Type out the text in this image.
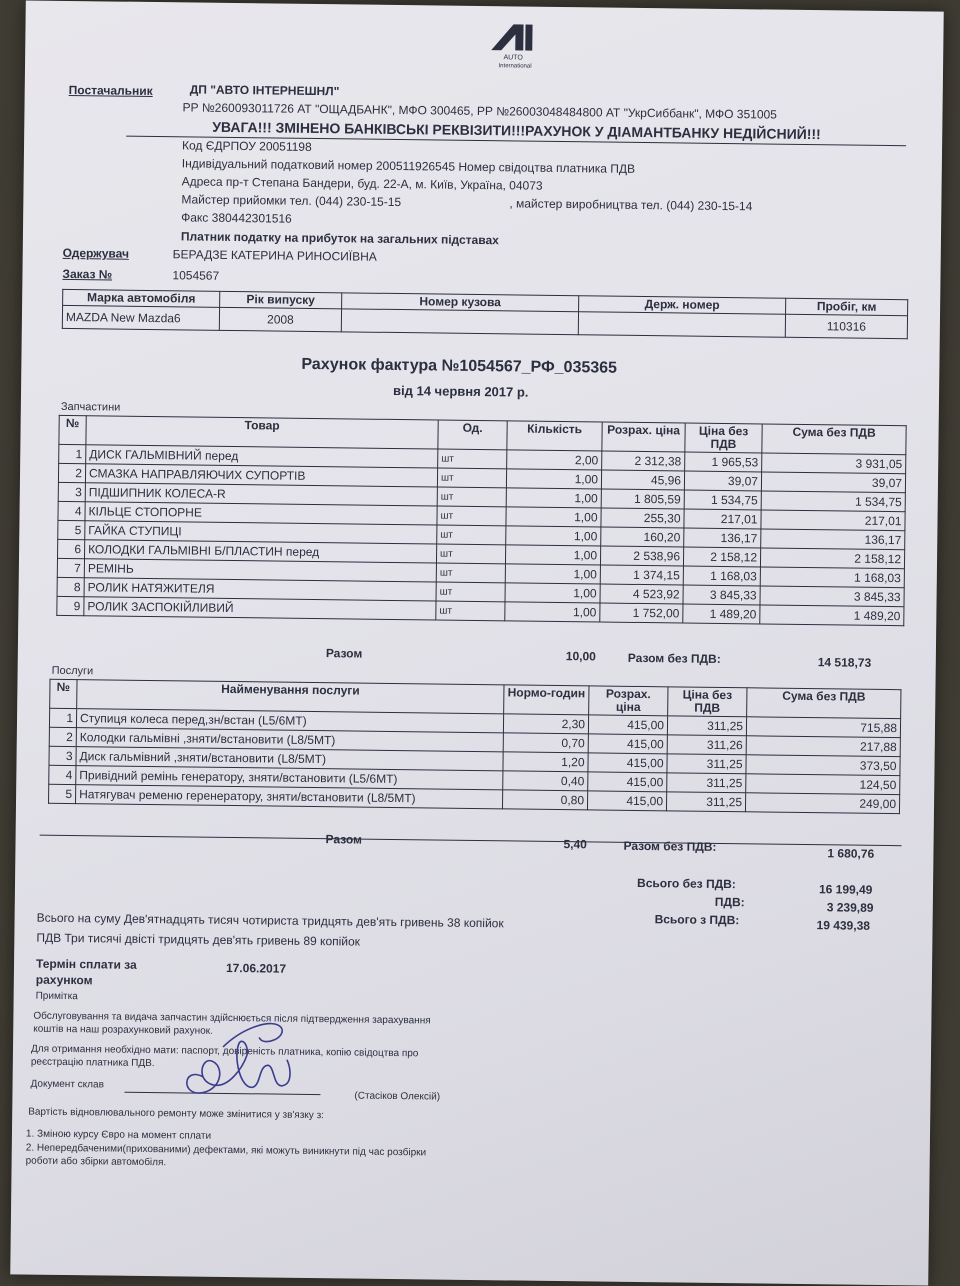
AUTO
International
Постачальник	ДП "АВТО ІНТЕРНЕШНЛ"
РР №260093011726 АТ "ОЩАДБАНК", МФО 300465, РР №26003048484800 АТ "УкрСиббанк", МФО 351005
УВАГА!!! ЗМІНЕНО БАНКІВСЬКІ РЕКВІЗИТИ!!!РАХУНОК У ДІАМАНТБАНКУ НЕДІЙСНИЙ!!!
Код ЄДРПОУ 20051198
Індивідуальний податковий номер 200511926545 Номер свідоцтва платника ПДВ
Адреса пр-т Степана Бандери, буд. 22-А, м. Київ, Україна, 04073
Майстер прийомки тел. (044) 230-15-15	, майстер виробництва тел. (044) 230-15-14
Факс 380442301516
Платник податку на прибуток на загальних підставах
Одержувач	БЕРАДЗЕ КАТЕРИНА РИНОСИЇВНА
Заказ №	1054567
Марка автомобіля	Рік випуску	Номер кузова	Держ. номер	Пробіг, км
MAZDA New Mazda6	2008			110316
Рахунок фактура №1054567_РФ_035365
від 14 червня 2017 р.
Запчастини
№	Товар	Од.	Кількість	Розрах. ціна	Ціна без ПДВ	Сума без ПДВ
1	ДИСК ГАЛЬМІВНИЙ перед	шт	2,00	2 312,38	1 965,53	3 931,05
2	СМАЗКА НАПРАВЛЯЮЧИХ СУПОРТІВ	шт	1,00	45,96	39,07	39,07
3	ПІДШИПНИК КОЛЕСА-R	шт	1,00	1 805,59	1 534,75	1 534,75
4	КІЛЬЦЕ СТОПОРНЕ	шт	1,00	255,30	217,01	217,01
5	ГАЙКА СТУПИЦІ	шт	1,00	160,20	136,17	136,17
6	КОЛОДКИ ГАЛЬМІВНІ Б/ПЛАСТИН перед	шт	1,00	2 538,96	2 158,12	2 158,12
7	РЕМІНЬ	шт	1,00	1 374,15	1 168,03	1 168,03
8	РОЛИК НАТЯЖИТЕЛЯ	шт	1,00	4 523,92	3 845,33	3 845,33
9	РОЛИК ЗАСПОКІЙЛИВИЙ	шт	1,00	1 752,00	1 489,20	1 489,20
Разом	10,00	Разом без ПДВ:	14 518,73
Послуги
№	Найменування послуги	Нормо-годин	Розрах. ціна	Ціна без ПДВ	Сума без ПДВ
1	Ступиця колеса перед,зн/встан (L5/6MT)	2,30	415,00	311,25	715,88
2	Колодки гальмівні ,зняти/встановити (L8/5MT)	0,70	415,00	311,26	217,88
3	Диск гальмівний ,зняти/встановити (L8/5MT)	1,20	415,00	311,25	373,50
4	Привідний ремінь генератору, зняти/встановити (L5/6MT)	0,40	415,00	311,25	124,50
5	Натягувач ременю геренератору, зняти/встановити (L8/5MT)	0,80	415,00	311,25	249,00
Разом	5,40	Разом без ПДВ:	1 680,76
Всього без ПДВ:	16 199,49
ПДВ:	3 239,89
Всього з ПДВ:	19 439,38
Всього на суму Дев'ятнадцять тисяч чотириста тридцять дев'ять гривень 38 копійок
ПДВ Три тисячі двісті тридцять дев'ять гривень 89 копійок
Термін сплати за
рахунком
17.06.2017
Примітка
Обслуговування та видача запчастин здійснюється після підтвердження зарахування
коштів на наш розрахунковий рахунок.
Для отримання необхідно мати: паспорт, довіреність платника, копію свідоцтва про
реєстрацію платника ПДВ.
Документ склав
(Стасіков Олексій)
Stasikov
Вартість відновлювального ремонту може змінитися у зв'язку з:
1. Зміною курсу Євро на момент сплати
2. Непередбаченими(прихованими) дефектами, які можуть виникнути під час розбірки
роботи або збірки автомобіля.
